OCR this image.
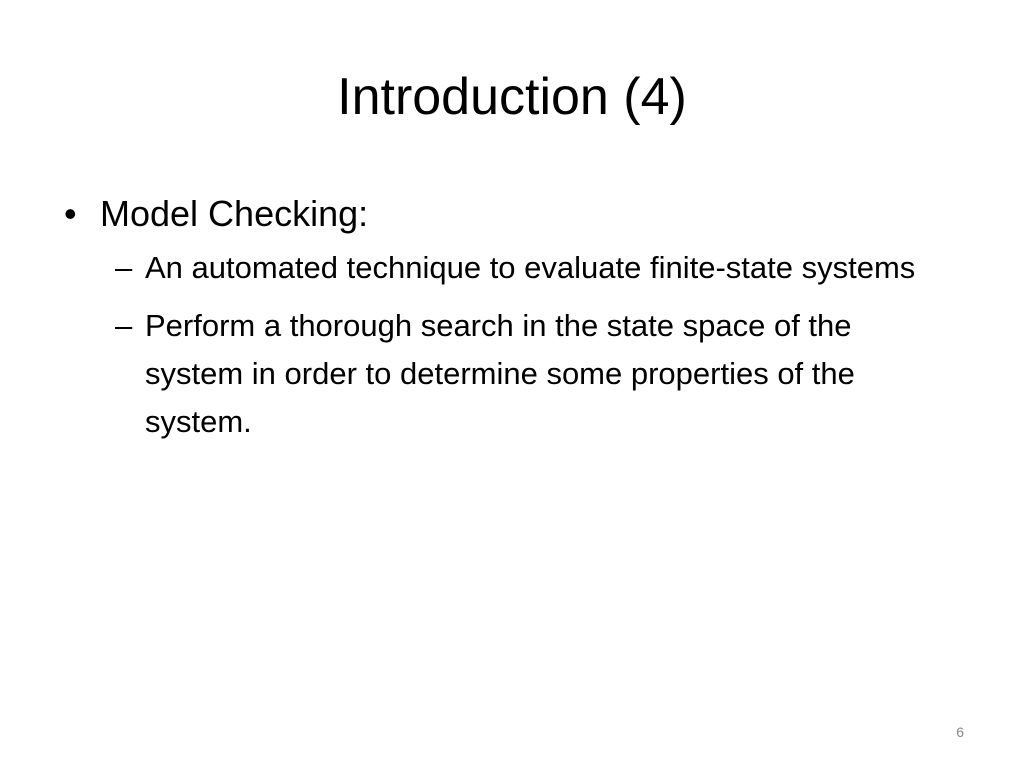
Introduction (4)
• Model Checking:
– An automated technique to evaluate finite-state systems
– Perform a thorough search in the state space of the system in order to determine some properties of the system.
6
